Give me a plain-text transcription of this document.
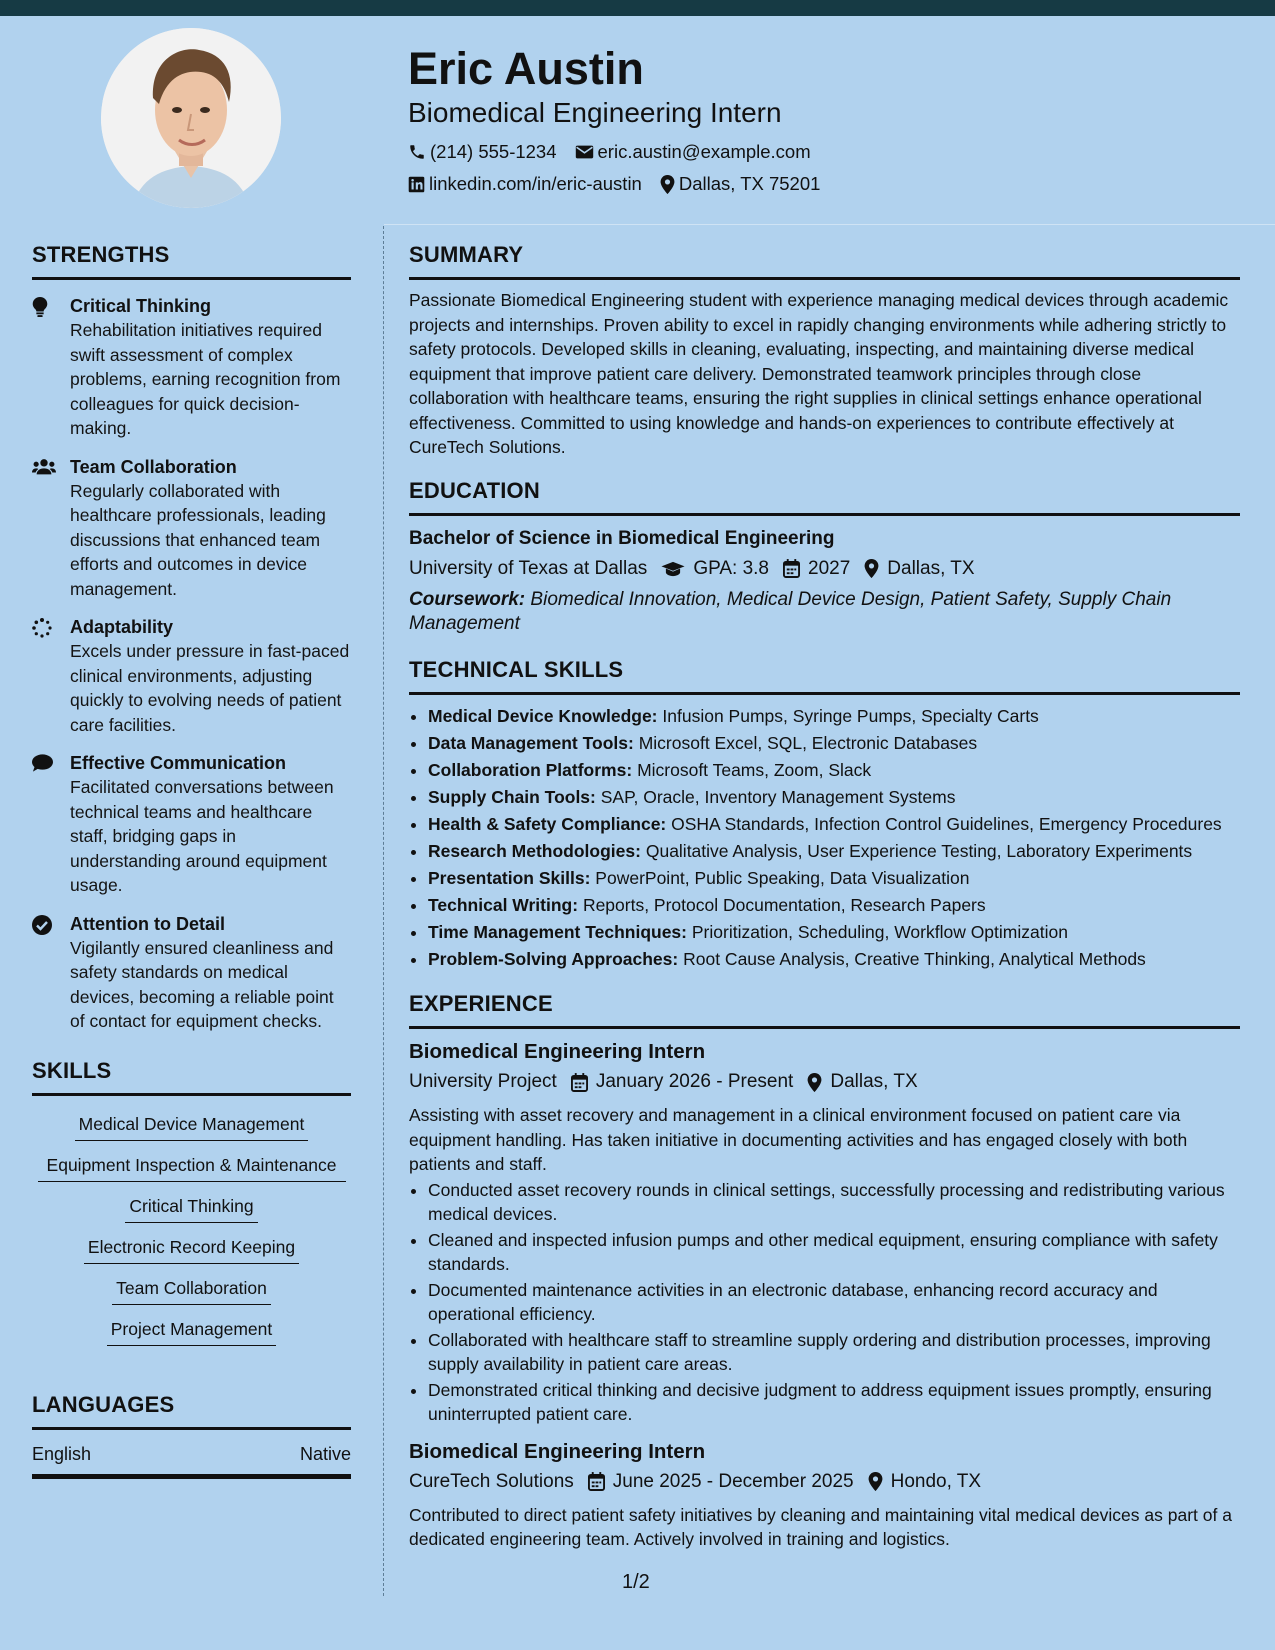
Eric Austin
Biomedical Engineering Intern
(214) 555-1234 eric.austin@example.com
linkedin.com/in/eric-austin Dallas, TX 75201
STRENGTHS
Critical Thinking
Rehabilitation initiatives required swift assessment of complex problems, earning recognition from colleagues for quick decision-making.
Team Collaboration
Regularly collaborated with healthcare professionals, leading discussions that enhanced team efforts and outcomes in device management.
Adaptability
Excels under pressure in fast-paced clinical environments, adjusting quickly to evolving needs of patient care facilities.
Effective Communication
Facilitated conversations between technical teams and healthcare staff, bridging gaps in understanding around equipment usage.
Attention to Detail
Vigilantly ensured cleanliness and safety standards on medical devices, becoming a reliable point of contact for equipment checks.
SKILLS
Medical Device Management
Equipment Inspection & Maintenance
Critical Thinking
Electronic Record Keeping
Team Collaboration
Project Management
LANGUAGES
English	Native
SUMMARY
Passionate Biomedical Engineering student with experience managing medical devices through academic projects and internships. Proven ability to excel in rapidly changing environments while adhering strictly to safety protocols. Developed skills in cleaning, evaluating, inspecting, and maintaining diverse medical equipment that improve patient care delivery. Demonstrated teamwork principles through close collaboration with healthcare teams, ensuring the right supplies in clinical settings enhance operational effectiveness. Committed to using knowledge and hands-on experiences to contribute effectively at CureTech Solutions.
EDUCATION
Bachelor of Science in Biomedical Engineering
University of Texas at Dallas GPA: 3.8 2027 Dallas, TX
Coursework: Biomedical Innovation, Medical Device Design, Patient Safety, Supply Chain Management
TECHNICAL SKILLS
• Medical Device Knowledge: Infusion Pumps, Syringe Pumps, Specialty Carts
• Data Management Tools: Microsoft Excel, SQL, Electronic Databases
• Collaboration Platforms: Microsoft Teams, Zoom, Slack
• Supply Chain Tools: SAP, Oracle, Inventory Management Systems
• Health & Safety Compliance: OSHA Standards, Infection Control Guidelines, Emergency Procedures
• Research Methodologies: Qualitative Analysis, User Experience Testing, Laboratory Experiments
• Presentation Skills: PowerPoint, Public Speaking, Data Visualization
• Technical Writing: Reports, Protocol Documentation, Research Papers
• Time Management Techniques: Prioritization, Scheduling, Workflow Optimization
• Problem-Solving Approaches: Root Cause Analysis, Creative Thinking, Analytical Methods
EXPERIENCE
Biomedical Engineering Intern
University Project January 2026 - Present Dallas, TX
Assisting with asset recovery and management in a clinical environment focused on patient care via equipment handling. Has taken initiative in documenting activities and has engaged closely with both patients and staff.
• Conducted asset recovery rounds in clinical settings, successfully processing and redistributing various medical devices.
• Cleaned and inspected infusion pumps and other medical equipment, ensuring compliance with safety standards.
• Documented maintenance activities in an electronic database, enhancing record accuracy and operational efficiency.
• Collaborated with healthcare staff to streamline supply ordering and distribution processes, improving supply availability in patient care areas.
• Demonstrated critical thinking and decisive judgment to address equipment issues promptly, ensuring uninterrupted patient care.
Biomedical Engineering Intern
CureTech Solutions June 2025 - December 2025 Hondo, TX
Contributed to direct patient safety initiatives by cleaning and maintaining vital medical devices as part of a dedicated engineering team. Actively involved in training and logistics.
1/2
